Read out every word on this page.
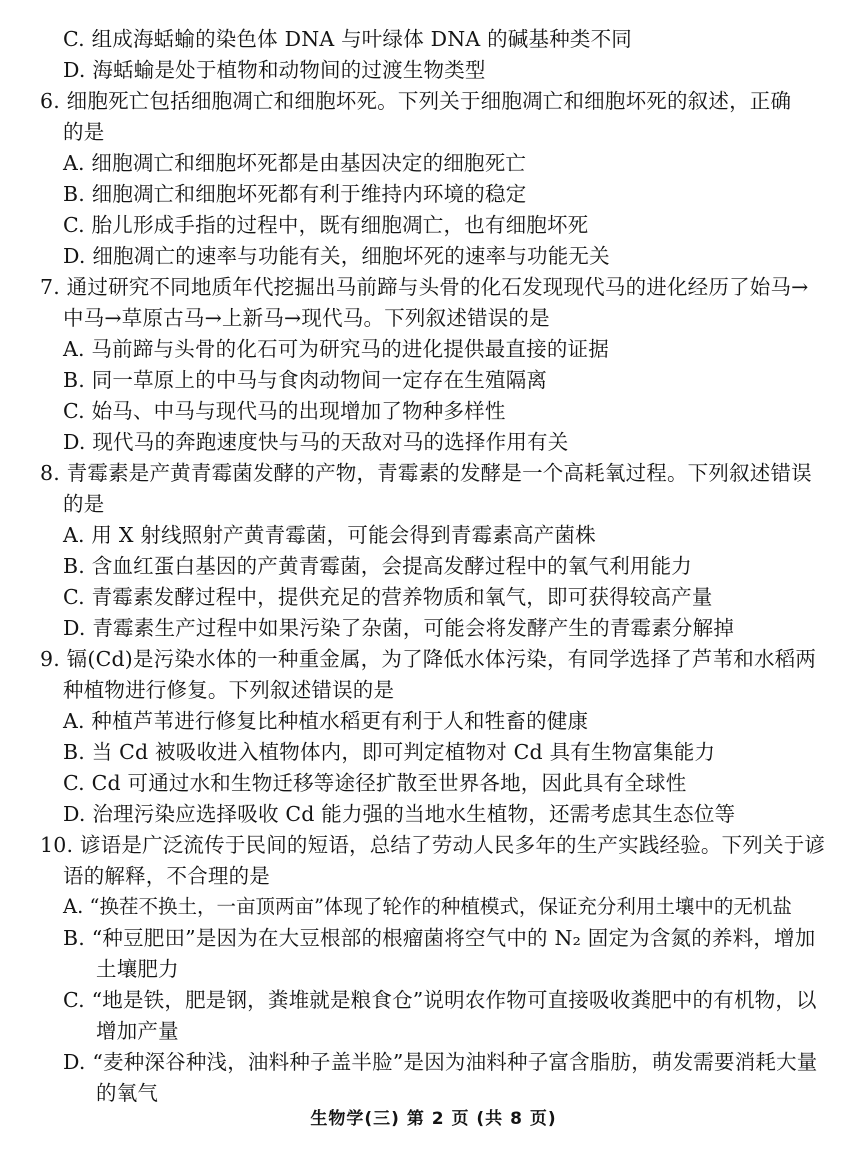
C. 组成海蛞蝓的染色体 DNA 与叶绿体 DNA 的碱基种类不同
D. 海蛞蝓是处于植物和动物间的过渡生物类型
6. 细胞死亡包括细胞凋亡和细胞坏死。下列关于细胞凋亡和细胞坏死的叙述，正确
的是
A. 细胞凋亡和细胞坏死都是由基因决定的细胞死亡
B. 细胞凋亡和细胞坏死都有利于维持内环境的稳定
C. 胎儿形成手指的过程中，既有细胞凋亡，也有细胞坏死
D. 细胞凋亡的速率与功能有关，细胞坏死的速率与功能无关
7. 通过研究不同地质年代挖掘出马前蹄与头骨的化石发现现代马的进化经历了始马→
中马→草原古马→上新马→现代马。下列叙述错误的是
A. 马前蹄与头骨的化石可为研究马的进化提供最直接的证据
B. 同一草原上的中马与食肉动物间一定存在生殖隔离
C. 始马、中马与现代马的出现增加了物种多样性
D. 现代马的奔跑速度快与马的天敌对马的选择作用有关
8. 青霉素是产黄青霉菌发酵的产物，青霉素的发酵是一个高耗氧过程。下列叙述错误
的是
A. 用 X 射线照射产黄青霉菌，可能会得到青霉素高产菌株
B. 含血红蛋白基因的产黄青霉菌，会提高发酵过程中的氧气利用能力
C. 青霉素发酵过程中，提供充足的营养物质和氧气，即可获得较高产量
D. 青霉素生产过程中如果污染了杂菌，可能会将发酵产生的青霉素分解掉
9. 镉(Cd)是污染水体的一种重金属，为了降低水体污染，有同学选择了芦苇和水稻两
种植物进行修复。下列叙述错误的是
A. 种植芦苇进行修复比种植水稻更有利于人和牲畜的健康
B. 当 Cd 被吸收进入植物体内，即可判定植物对 Cd 具有生物富集能力
C. Cd 可通过水和生物迁移等途径扩散至世界各地，因此具有全球性
D. 治理污染应选择吸收 Cd 能力强的当地水生植物，还需考虑其生态位等
10. 谚语是广泛流传于民间的短语，总结了劳动人民多年的生产实践经验。下列关于谚
语的解释，不合理的是
A. “换茬不换土，一亩顶两亩”体现了轮作的种植模式，保证充分利用土壤中的无机盐
B. “种豆肥田”是因为在大豆根部的根瘤菌将空气中的 N₂ 固定为含氮的养料，增加
土壤肥力
C. “地是铁，肥是钢，粪堆就是粮食仓”说明农作物可直接吸收粪肥中的有机物，以
增加产量
D. “麦种深谷种浅，油料种子盖半脸”是因为油料种子富含脂肪，萌发需要消耗大量
的氧气
生物学(三) 第 2 页 (共 8 页)
